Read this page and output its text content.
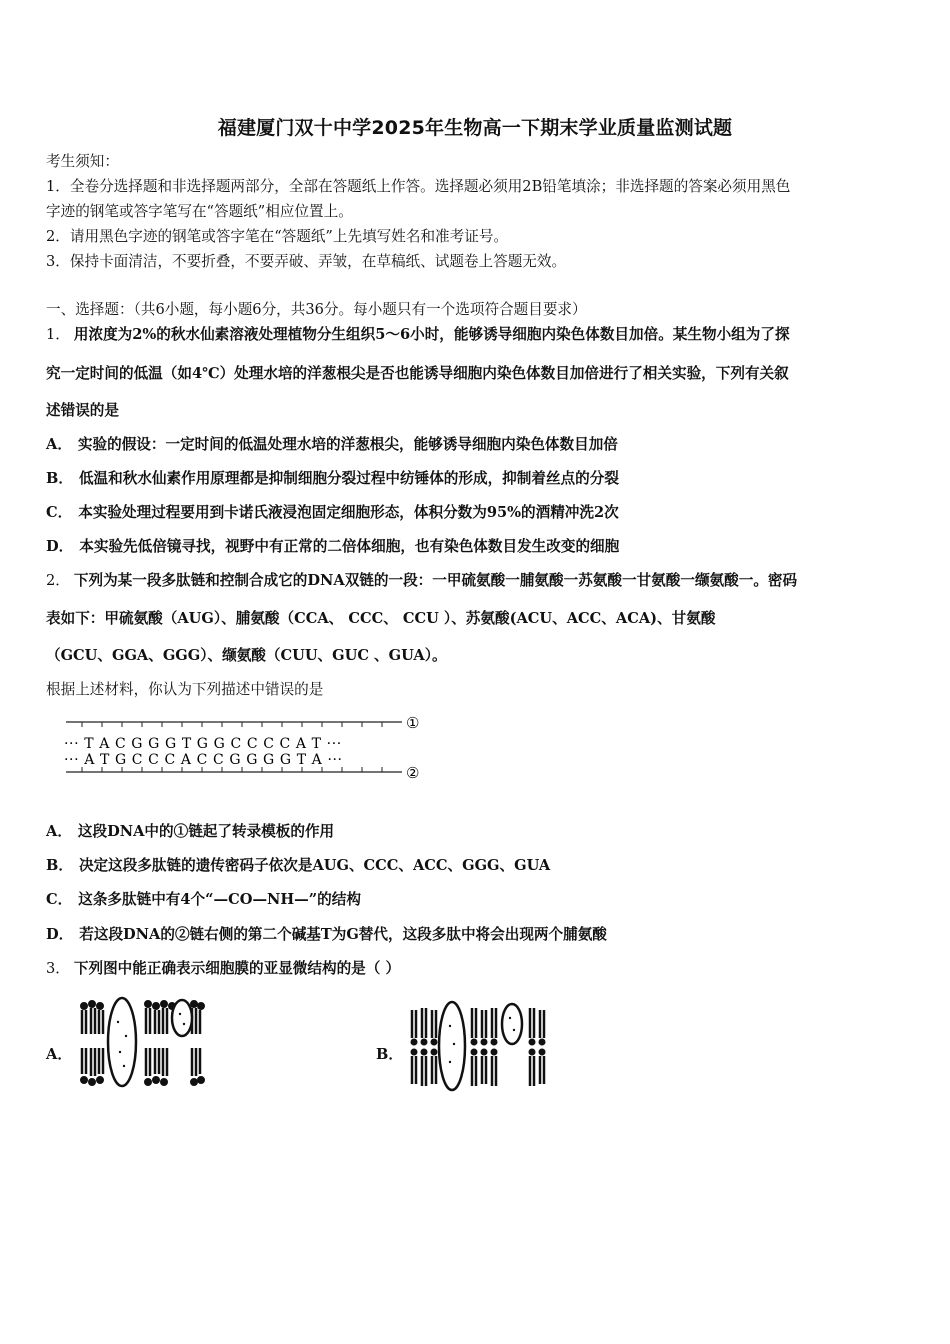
福建厦门双十中学2025年生物高一下期末学业质量监测试题
考生须知：
1．全卷分选择题和非选择题两部分，全部在答题纸上作答。选择题必须用2B铅笔填涂；非选择题的答案必须用黑色
字迹的钢笔或答字笔写在“答题纸”相应位置上。
2．请用黑色字迹的钢笔或答字笔在“答题纸”上先填写姓名和准考证号。
3．保持卡面清洁，不要折叠，不要弄破、弄皱，在草稿纸、试题卷上答题无效。
一、选择题：（共6小题，每小题6分，共36分。每小题只有一个选项符合题目要求）
1． 用浓度为2%的秋水仙素溶液处理植物分生组织5～6小时，能够诱导细胞内染色体数目加倍。某生物小组为了探
究一定时间的低温（如4℃）处理水培的洋葱根尖是否也能诱导细胞内染色体数目加倍进行了相关实验，下列有关叙
述错误的是
A． 实验的假设：一定时间的低温处理水培的洋葱根尖，能够诱导细胞内染色体数目加倍
B． 低温和秋水仙素作用原理都是抑制细胞分裂过程中纺锤体的形成，抑制着丝点的分裂
C． 本实验处理过程要用到卡诺氏液浸泡固定细胞形态，体积分数为95%的酒精冲洗2次
D． 本实验先低倍镜寻找，视野中有正常的二倍体细胞，也有染色体数目发生改变的细胞
2． 下列为某一段多肽链和控制合成它的DNA双链的一段：一甲硫氨酸一脯氨酸一苏氨酸一甘氨酸一缬氨酸一。密码
表如下：甲硫氨酸（AUG）、脯氨酸（CCA、 CCC、 CCU ）、苏氨酸(ACU、ACC、ACA)、甘氨酸
（GCU、GGA、GGG）、缬氨酸（CUU、GUC 、GUA）。
根据上述材料，你认为下列描述中错误的是
①
··· T A C G G G T G G C C C C A T ···
··· A T G C C C A C C G G G G T A ···
②
A． 这段DNA中的①链起了转录模板的作用
B． 决定这段多肽链的遗传密码子依次是AUG、CCC、ACC、GGG、GUA
C． 这条多肽链中有4个“—CO—NH—”的结构
D． 若这段DNA的②链右侧的第二个碱基T为G替代，这段多肽中将会出现两个脯氨酸
3． 下列图中能正确表示细胞膜的亚显微结构的是（ ）
A．	B．
